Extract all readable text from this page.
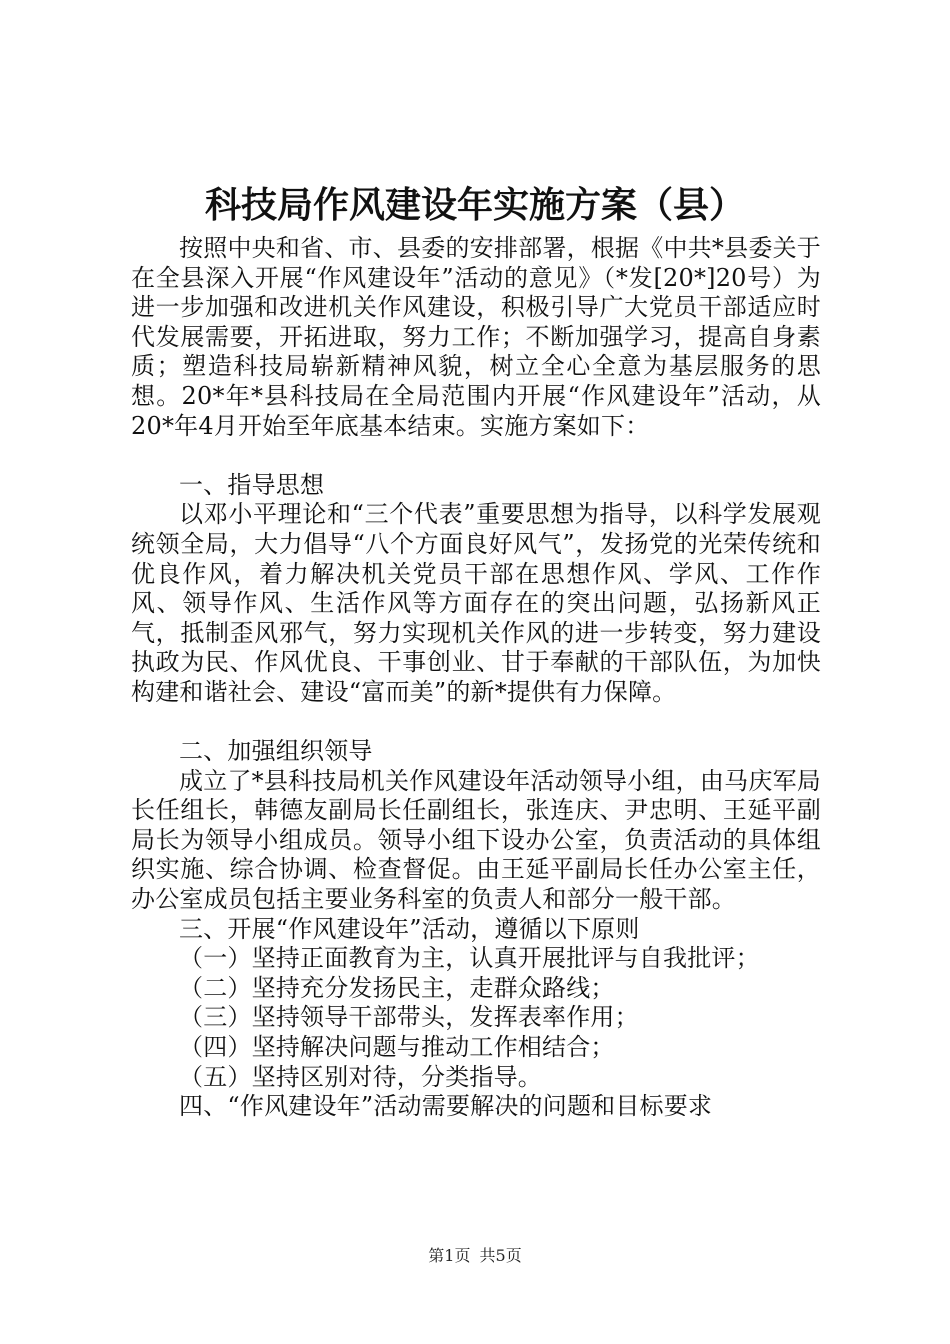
科技局作风建设年实施方案（县）

按照中央和省、市、县委的安排部署，根据《中共*县委关于在全县深入开展“作风建设年”活动的意见》（*发[20*]20号）为进一步加强和改进机关作风建设，积极引导广大党员干部适应时代发展需要，开拓进取，努力工作；不断加强学习，提高自身素质；塑造科技局崭新精神风貌，树立全心全意为基层服务的思想。20*年*县科技局在全局范围内开展“作风建设年”活动，从20*年4月开始至年底基本结束。实施方案如下：

一、指导思想

以邓小平理论和“三个代表”重要思想为指导，以科学发展观统领全局，大力倡导“八个方面良好风气”，发扬党的光荣传统和优良作风，着力解决机关党员干部在思想作风、学风、工作作风、领导作风、生活作风等方面存在的突出问题，弘扬新风正气，抵制歪风邪气，努力实现机关作风的进一步转变，努力建设执政为民、作风优良、干事创业、甘于奉献的干部队伍，为加快构建和谐社会、建设“富而美”的新*提供有力保障。

二、加强组织领导

成立了*县科技局机关作风建设年活动领导小组，由马庆军局长任组长，韩德友副局长任副组长，张连庆、尹忠明、王延平副局长为领导小组成员。领导小组下设办公室，负责活动的具体组织实施、综合协调、检查督促。由王延平副局长任办公室主任，办公室成员包括主要业务科室的负责人和部分一般干部。

三、开展“作风建设年”活动，遵循以下原则

（一）坚持正面教育为主，认真开展批评与自我批评；

（二）坚持充分发扬民主，走群众路线；

（三）坚持领导干部带头，发挥表率作用；

（四）坚持解决问题与推动工作相结合；

（五）坚持区别对待，分类指导。

四、“作风建设年”活动需要解决的问题和目标要求

第1页 共5页
